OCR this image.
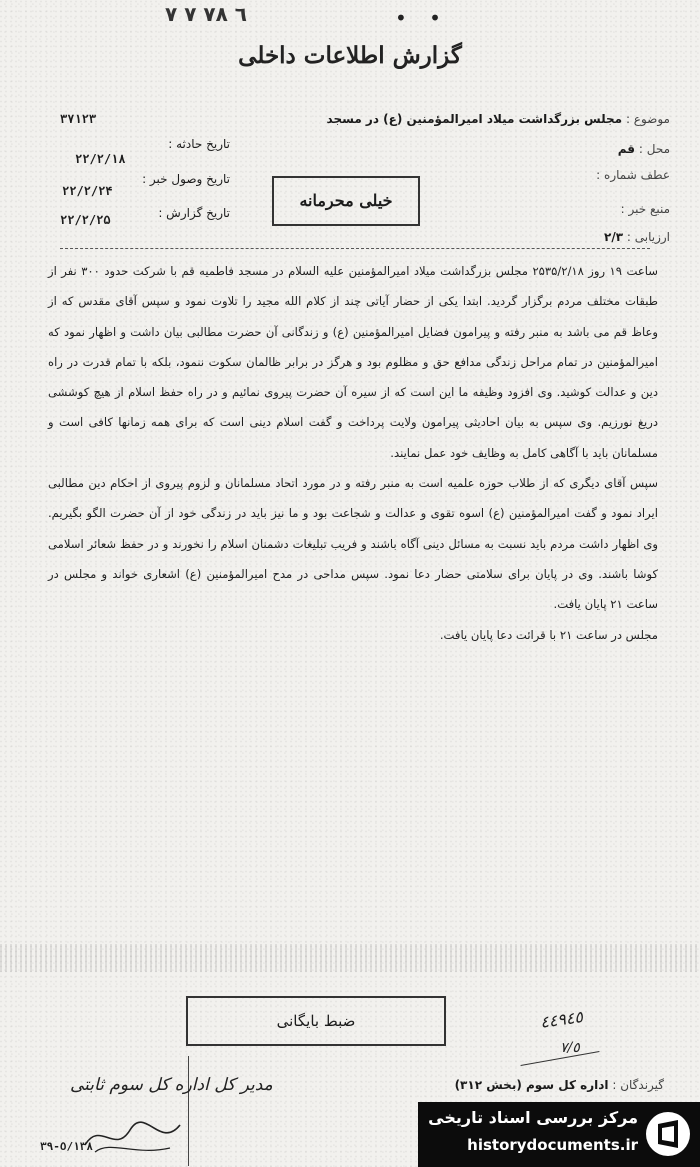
٦ ٧٨ ٧ ٧	• •
گزارش اطلاعات داخلی
موضوع : مجلس بزرگداشت میلاد امیرالمؤمنین (ع) در مسجد
۳۷۱۲۳
محل : قم
تاریخ حادثه :
۲۲/۲/۱۸
عطف شماره :
تاریخ وصول خبر :
۲۲/۲/۲۴
منبع خبر :
تاریخ گزارش :
۲۲/۲/۲۵
ارزیابی : ۲/۳
خیلی محرمانه

ساعت ۱۹ روز ۲۵۳۵/۲/۱۸ مجلس بزرگداشت میلاد امیرالمؤمنین علیه السلام در مسجد فاطمیه قم با شرکت حدود ۳۰۰ نفر از طبقات مختلف مردم برگزار گردید. ابتدا یکی از حضار آیاتی چند از کلام الله مجید را تلاوت نمود و سپس آقای مقدس که از وعاظ قم می باشد به منبر رفته و پیرامون فضایل امیرالمؤمنین (ع) و زندگانی آن حضرت مطالبی بیان داشت و اظهار نمود که امیرالمؤمنین در تمام مراحل زندگی مدافع حق و مظلوم بود و هرگز در برابر ظالمان سکوت ننمود، بلکه با تمام قدرت در راه دین و عدالت کوشید. وی افزود وظیفه ما این است که از سیره آن حضرت پیروی نمائیم و در راه حفظ اسلام از هیچ کوششی دریغ نورزیم. وی سپس به بیان احادیثی پیرامون ولایت پرداخت و گفت اسلام دینی است که برای همه زمانها کافی است و مسلمانان باید با آگاهی کامل به وظایف خود عمل نمایند.

سپس آقای دیگری که از طلاب حوزه علمیه است به منبر رفته و در مورد اتحاد مسلمانان و لزوم پیروی از احکام دین مطالبی ایراد نمود و گفت امیرالمؤمنین (ع) اسوه تقوی و عدالت و شجاعت بود و ما نیز باید در زندگی خود از آن حضرت الگو بگیریم. وی اظهار داشت مردم باید نسبت به مسائل دینی آگاه باشند و فریب تبلیغات دشمنان اسلام را نخورند و در حفظ شعائر اسلامی کوشا باشند. وی در پایان برای سلامتی حضار دعا نمود. سپس مداحی در مدح امیرالمؤمنین (ع) اشعاری خواند و مجلس در ساعت ۲۱ پایان یافت.

مجلس در ساعت ۲۱ با قرائت دعا پایان یافت.

ضبط بایگانی	٤٤٩٤٥
٧/٥
گیرندگان : اداره کل سوم (بخش ۳۱۲)
مدیر کل اداره کل سوم ثابتی
٥/١٣٨-٣٩
مرکز بررسی اسناد تاریخی
historydocuments.ir
